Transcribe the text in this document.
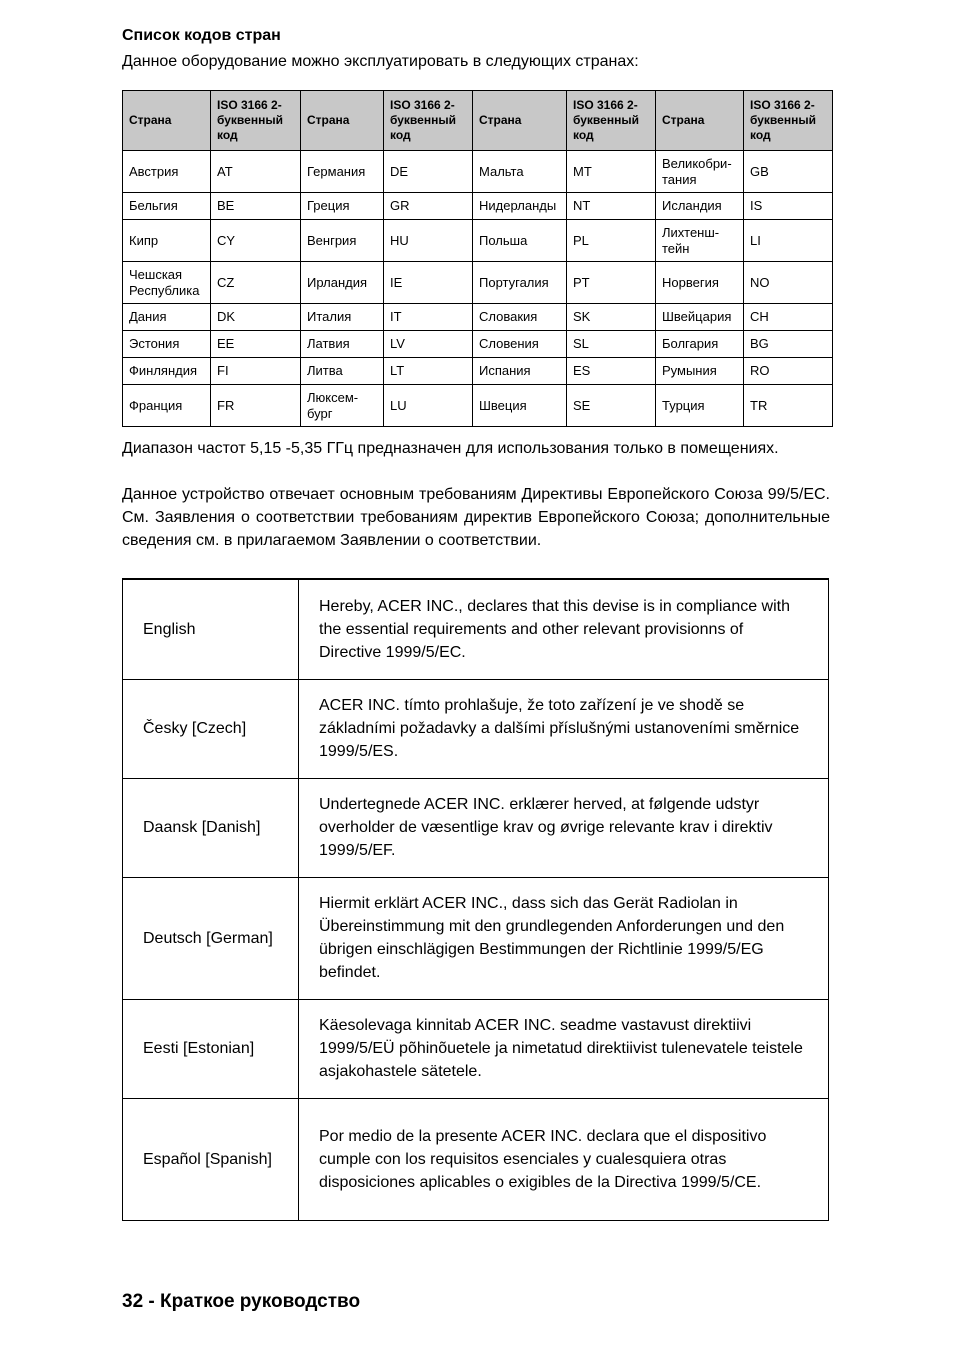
Список кодов стран
Данное оборудование можно эксплуатировать в следующих странах:
Страна	ISO 3166 2-буквенный код	Страна	ISO 3166 2-буквенный код	Страна	ISO 3166 2-буквенный код	Страна	ISO 3166 2-буквенный код
Австрия	AT	Германия	DE	Мальта	MT	Великобри-тания	GB
Бельгия	BE	Греция	GR	Нидерланды	NT	Исландия	IS
Кипр	CY	Венгрия	HU	Польша	PL	Лихтенш-тейн	LI
Чешская Республика	CZ	Ирландия	IE	Португалия	PT	Норвегия	NO
Дания	DK	Италия	IT	Словакия	SK	Швейцария	CH
Эстония	EE	Латвия	LV	Словения	SL	Болгария	BG
Финляндия	FI	Литва	LT	Испания	ES	Румыния	RO
Франция	FR	Люксем-бург	LU	Швеция	SE	Турция	TR
Диапазон частот 5,15 -5,35 ГГц предназначен для использования только в помещениях.
Данное устройство отвечает основным требованиям Директивы Европейского Союза 99/5/EC. См. Заявления о соответствии требованиям директив Европейского Союза; дополнительные сведения см. в прилагаемом Заявлении о соответствии.
English	Hereby, ACER INC., declares that this devise is in compliance with the essential requirements and other relevant provisionns of Directive 1999/5/EC.
Česky [Czech]	ACER INC. tímto prohlašuje, že toto zařízení je ve shodě se základními požadavky a dalšími příslušnými ustanoveními směrnice 1999/5/ES.
Daansk [Danish]	Undertegnede ACER INC. erklærer herved, at følgende udstyr overholder de væsentlige krav og øvrige relevante krav i direktiv 1999/5/EF.
Deutsch [German]	Hiermit erklärt ACER INC., dass sich das Gerät Radiolan in Übereinstimmung mit den grundlegenden Anforderungen und den übrigen einschlägigen Bestimmungen der Richtlinie 1999/5/EG befindet.
Eesti [Estonian]	Käesolevaga kinnitab ACER INC. seadme vastavust direktiivi 1999/5/EÜ põhinõuetele ja nimetatud direktiivist tulenevatele teistele asjakohastele sätetele.
Español [Spanish]	Por medio de la presente ACER INC. declara que el dispositivo cumple con los requisitos esenciales y cualesquiera otras disposiciones aplicables o exigibles de la Directiva 1999/5/CE.
32 - Краткое руководство
